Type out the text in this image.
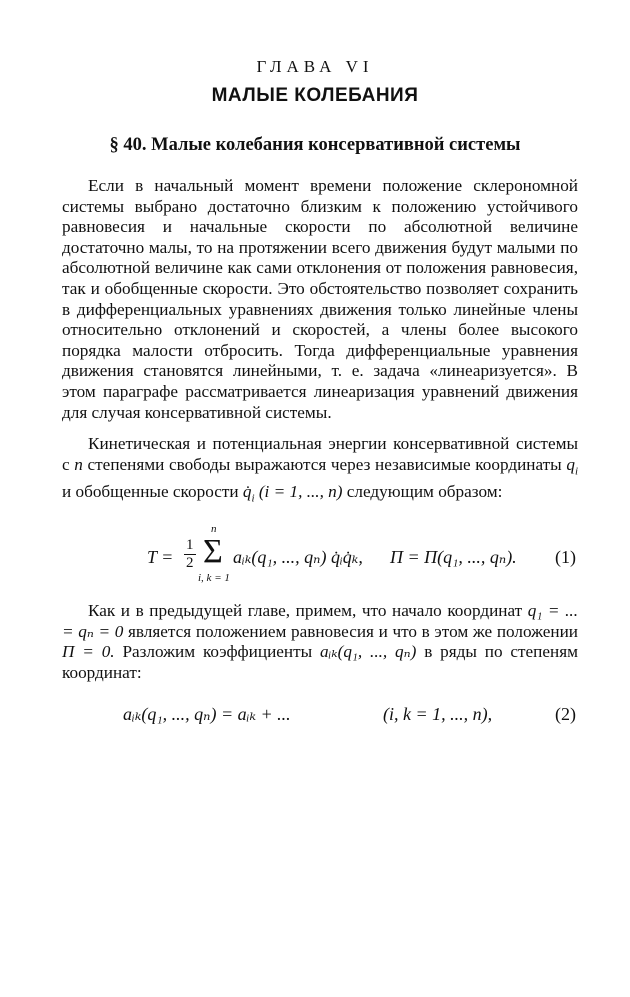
ГЛАВА VI
МАЛЫЕ КОЛЕБАНИЯ
§ 40. Малые колебания консервативной системы

Если в начальный момент времени положение склерономной системы выбрано достаточно близким к положению устойчивого равновесия и начальные скорости по абсолютной величине достаточно малы, то на протяжении всего движения будут малыми по абсолютной величине как сами отклонения от положения равновесия, так и обобщенные скорости. Это обстоятельство позволяет сохранить в дифференциальных уравнениях движения только линейные члены относительно отклонений и скоростей, а члены более высокого порядка малости отбросить. Тогда дифференциальные уравнения движения становятся линейными, т. е. задача «линеаризуется». В этом параграфе рассматривается линеаризация уравнений движения для случая консервативной системы.

Кинетическая и потенциальная энергии консервативной системы с n степенями свободы выражаются через независимые координаты $q_i$ и обобщенные скорости $q̇_i$ (i = 1, ..., n) следующим образом:

$T = \frac{1}{2}$
n
Σ
i, k = 1
aᵢₖ(q₁, ..., qₙ) q̇ᵢq̇ₖ, П = П(q₁, ..., qₙ). (1)

Как и в предыдущей главе, примем, что начало координат q₁ = ... = qₙ = 0 является положением равновесия и что в этом же положении П = 0. Разложим коэффициенты aᵢₖ(q₁, ..., qₙ) в ряды по степеням координат:

aᵢₖ(q₁, ..., qₙ) = aᵢₖ + ...	(i, k = 1, ..., n),	(2)
